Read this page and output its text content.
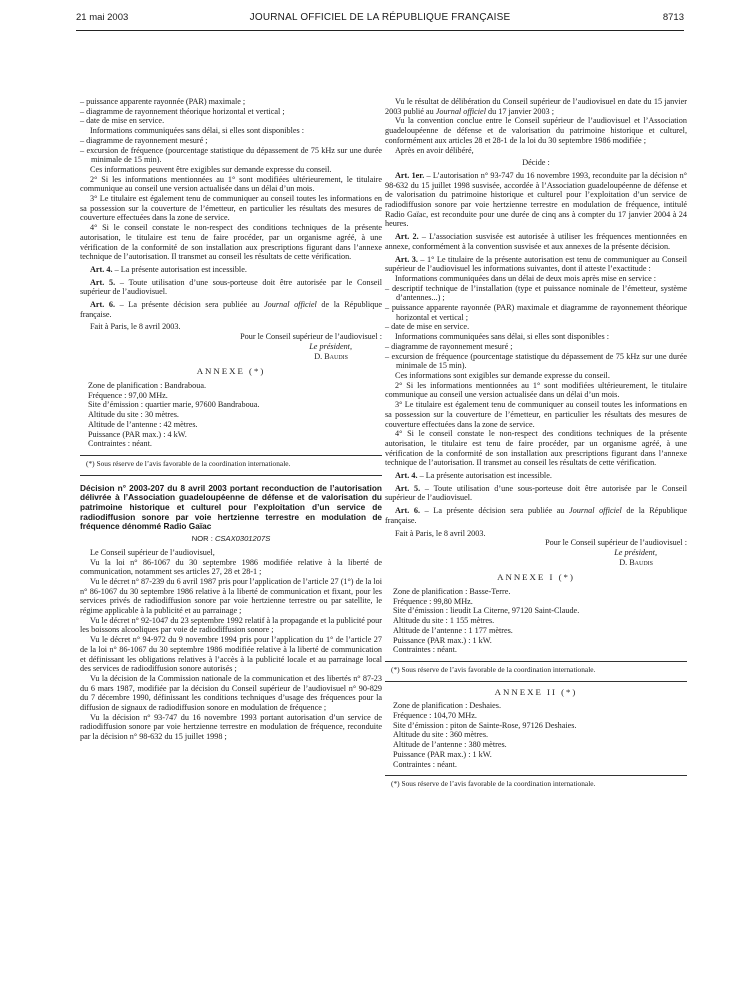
21 mai 2003	JOURNAL OFFICIEL DE LA RÉPUBLIQUE FRANÇAISE	8713

– puissance apparente rayonnée (PAR) maximale ;

– diagramme de rayonnement théorique horizontal et vertical ;

– date de mise en service.

Informations communiquées sans délai, si elles sont disponibles :

– diagramme de rayonnement mesuré ;

– excursion de fréquence (pourcentage statistique du dépassement de 75 kHz sur une durée minimale de 15 min).

Ces informations peuvent être exigibles sur demande expresse du conseil.

2° Si les informations mentionnées au 1° sont modifiées ultérieurement, le titulaire communique au conseil une version actualisée dans un délai d’un mois.

3° Le titulaire est également tenu de communiquer au conseil toutes les informations en sa possession sur la couverture de l’émetteur, en particulier les résultats des mesures de couverture effectuées dans la zone de service.

4° Si le conseil constate le non-respect des conditions techniques de la présente autorisation, le titulaire est tenu de faire procéder, par un organisme agréé, à une vérification de la conformité de son installation aux prescriptions figurant dans l’annexe technique de l’autorisation. Il transmet au conseil les résultats de cette vérification.

Art. 4. – La présente autorisation est incessible.

Art. 5. – Toute utilisation d’une sous-porteuse doit être autorisée par le Conseil supérieur de l’audiovisuel.

Art. 6. – La présente décision sera publiée au Journal officiel de la République française.

Fait à Paris, le 8 avril 2003.

Pour le Conseil supérieur de l’audiovisuel :

Le président,

D. Baudis

ANNEXE (*)

Zone de planification : Bandraboua.

Fréquence : 97,00 MHz.

Site d’émission : quartier marie, 97600 Bandraboua.

Altitude du site : 30 mètres.

Altitude de l’antenne : 42 mètres.

Puissance (PAR max.) : 4 kW.

Contraintes : néant.

(*) Sous réserve de l’avis favorable de la coordination internationale.

Décision n° 2003-207 du 8 avril 2003 portant reconduction de l’autorisation délivrée à l’Association guadeloupéenne de défense et de valorisation du patrimoine historique et culturel pour l’exploitation d’un service de radiodiffusion sonore par voie hertzienne terrestre en modulation de fréquence dénommé Radio Gaïac

NOR : CSAX0301207S

Le Conseil supérieur de l’audiovisuel,

Vu la loi n° 86-1067 du 30 septembre 1986 modifiée relative à la liberté de communication, notamment ses articles 27, 28 et 28-1 ;

Vu le décret n° 87-239 du 6 avril 1987 pris pour l’application de l’article 27 (1°) de la loi n° 86-1067 du 30 septembre 1986 relative à la liberté de communication et fixant, pour les services privés de radiodiffusion sonore par voie hertzienne terrestre ou par satellite, le régime applicable à la publicité et au parrainage ;

Vu le décret n° 92-1047 du 23 septembre 1992 relatif à la propagande et la publicité pour les boissons alcooliques par voie de radiodiffusion sonore ;

Vu le décret n° 94-972 du 9 novembre 1994 pris pour l’application du 1° de l’article 27 de la loi n° 86-1067 du 30 septembre 1986 modifiée relative à la liberté de communication et définissant les obligations relatives à l’accès à la publicité locale et au parrainage local des services de radiodiffusion sonore autorisés ;

Vu la décision de la Commission nationale de la communication et des libertés n° 87-23 du 6 mars 1987, modifiée par la décision du Conseil supérieur de l’audiovisuel n° 90-829 du 7 décembre 1990, définissant les conditions techniques d’usage des fréquences pour la diffusion de signaux de radiodiffusion sonore en modulation de fréquence ;

Vu la décision n° 93-747 du 16 novembre 1993 portant autorisation d’un service de radiodiffusion sonore par voie hertzienne terrestre en modulation de fréquence, reconduite par la décision n° 98-632 du 15 juillet 1998 ;

Vu le résultat de délibération du Conseil supérieur de l’audiovisuel en date du 15 janvier 2003 publié au Journal officiel du 17 janvier 2003 ;

Vu la convention conclue entre le Conseil supérieur de l’audiovisuel et l’Association guadeloupéenne de défense et de valorisation du patrimoine historique et culturel, conformément aux articles 28 et 28-1 de la loi du 30 septembre 1986 modifiée ;

Après en avoir délibéré,

Décide :

Art. 1er. – L’autorisation n° 93-747 du 16 novembre 1993, reconduite par la décision n° 98-632 du 15 juillet 1998 susvisée, accordée à l’Association guadeloupéenne de défense et de valorisation du patrimoine historique et culturel pour l’exploitation d’un service de radiodiffusion sonore par voie hertzienne terrestre en modulation de fréquence, intitulé Radio Gaïac, est reconduite pour une durée de cinq ans à compter du 17 janvier 2004 à 24 heures.

Art. 2. – L’association susvisée est autorisée à utiliser les fréquences mentionnées en annexe, conformément à la convention susvisée et aux annexes de la présente décision.

Art. 3. – 1° Le titulaire de la présente autorisation est tenu de communiquer au Conseil supérieur de l’audiovisuel les informations suivantes, dont il atteste l’exactitude :

Informations communiquées dans un délai de deux mois après mise en service :

– descriptif technique de l’installation (type et puissance nominale de l’émetteur, système d’antennes...) ;

– puissance apparente rayonnée (PAR) maximale et diagramme de rayonnement théorique horizontal et vertical ;

– date de mise en service.

Informations communiquées sans délai, si elles sont disponibles :

– diagramme de rayonnement mesuré ;

– excursion de fréquence (pourcentage statistique du dépassement de 75 kHz sur une durée minimale de 15 min).

Ces informations sont exigibles sur demande expresse du conseil.

2° Si les informations mentionnées au 1° sont modifiées ultérieurement, le titulaire communique au conseil une version actualisée dans un délai d’un mois.

3° Le titulaire est également tenu de communiquer au conseil toutes les informations en sa possession sur la couverture de l’émetteur, en particulier les résultats des mesures de couverture effectuées dans la zone de service.

4° Si le conseil constate le non-respect des conditions techniques de la présente autorisation, le titulaire est tenu de faire procéder, par un organisme agréé, à une vérification de la conformité de son installation aux prescriptions figurant dans l’annexe technique de l’autorisation. Il transmet au conseil les résultats de cette vérification.

Art. 4. – La présente autorisation est incessible.

Art. 5. – Toute utilisation d’une sous-porteuse doit être autorisée par le Conseil supérieur de l’audiovisuel.

Art. 6. – La présente décision sera publiée au Journal officiel de la République française.

Fait à Paris, le 8 avril 2003.

Pour le Conseil supérieur de l’audiovisuel :

Le président,

D. Baudis

ANNEXE I (*)

Zone de planification : Basse-Terre.

Fréquence : 99,80 MHz.

Site d’émission : lieudit La Citerne, 97120 Saint-Claude.

Altitude du site : 1 155 mètres.

Altitude de l’antenne : 1 177 mètres.

Puissance (PAR max.) : 1 kW.

Contraintes : néant.

(*) Sous réserve de l’avis favorable de la coordination internationale.

ANNEXE II (*)

Zone de planification : Deshaies.

Fréquence : 104,70 MHz.

Site d’émission : piton de Sainte-Rose, 97126 Deshaies.

Altitude du site : 360 mètres.

Altitude de l’antenne : 380 mètres.

Puissance (PAR max.) : 1 kW.

Contraintes : néant.

(*) Sous réserve de l’avis favorable de la coordination internationale.
